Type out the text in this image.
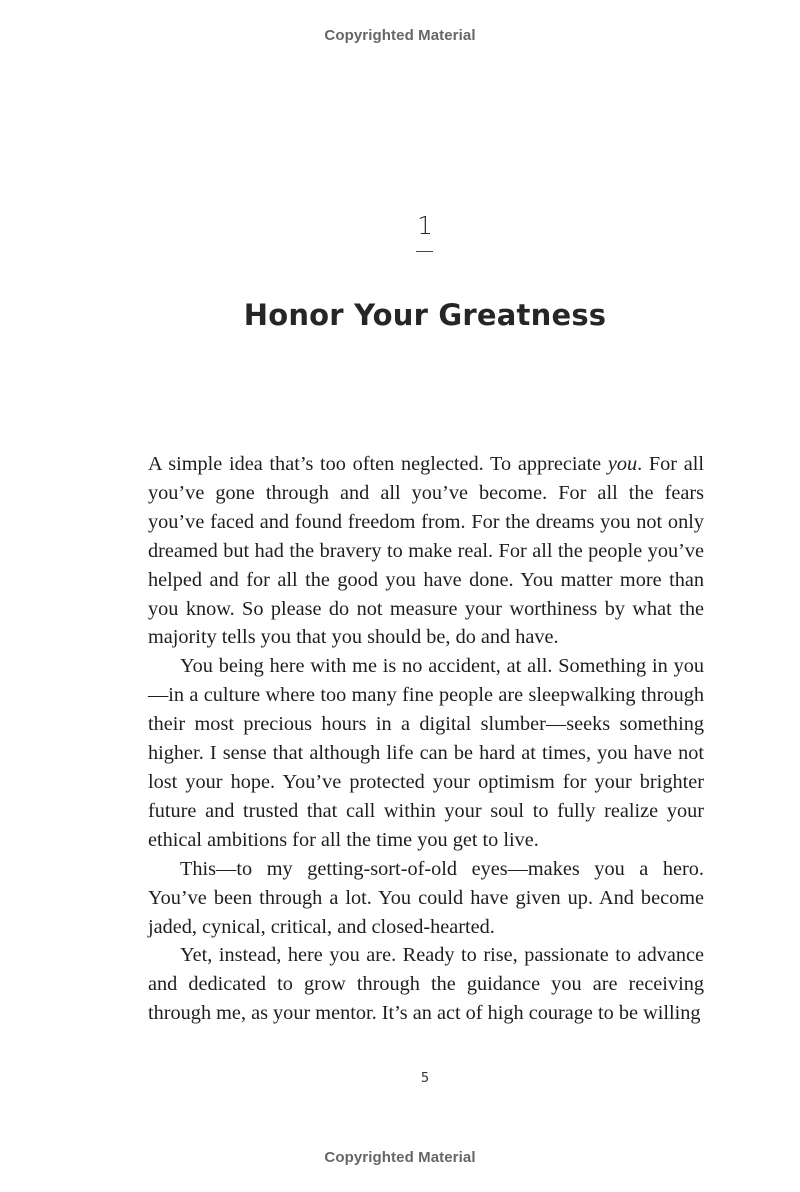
Copyrighted Material
1
Honor Your Greatness

A simple idea that’s too often neglected. To appreciate you. For all you’ve gone through and all you’ve become. For all the fears you’ve faced and found freedom from. For the dreams you not only dreamed but had the bravery to make real. For all the people you’ve helped and for all the good you have done. You matter more than you know. So please do not measure your worthiness by what the majority tells you that you should be, do and have.

You being here with me is no accident, at all. Something in you—in a culture where too many fine people are sleepwalking through their most precious hours in a digital slumber—seeks something higher. I sense that although life can be hard at times, you have not lost your hope. You’ve protected your optimism for your brighter future and trusted that call within your soul to fully realize your ethical ambitions for all the time you get to live.

This—to my getting-sort-of-old eyes—makes you a hero. You’ve been through a lot. You could have given up. And become jaded, cynical, critical, and closed-hearted.

Yet, instead, here you are. Ready to rise, passionate to advance and dedicated to grow through the guidance you are receiving through me, as your mentor. It’s an act of high courage to be willing

5
Copyrighted Material
